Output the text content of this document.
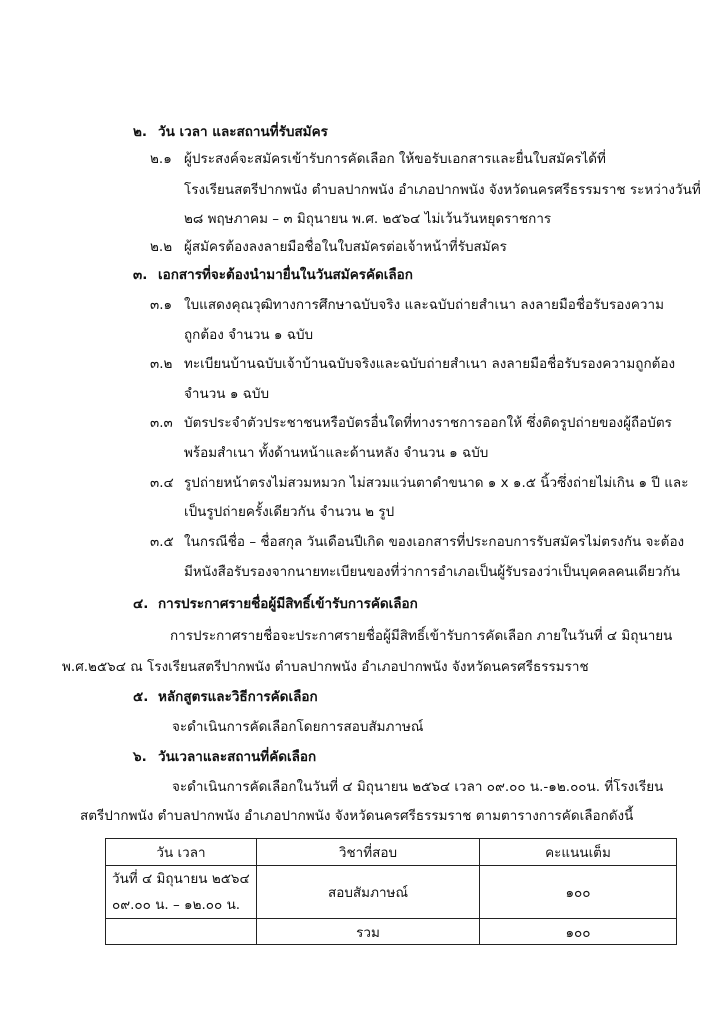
๒. วัน เวลา และสถานที่รับสมัคร
๒.๑ ผู้ประสงค์จะสมัครเข้ารับการคัดเลือก ให้ขอรับเอกสารและยื่นใบสมัครได้ที่
โรงเรียนสตรีปากพนัง ตำบลปากพนัง อำเภอปากพนัง จังหวัดนครศรีธรรมราช ระหว่างวันที่
๒๘ พฤษภาคม – ๓ มิถุนายน พ.ศ. ๒๕๖๔ ไม่เว้นวันหยุดราชการ
๒.๒ ผู้สมัครต้องลงลายมือชื่อในใบสมัครต่อเจ้าหน้าที่รับสมัคร
๓. เอกสารที่จะต้องนำมายื่นในวันสมัครคัดเลือก
๓.๑ ใบแสดงคุณวุฒิทางการศึกษาฉบับจริง และฉบับถ่ายสำเนา ลงลายมือชื่อรับรองความ
ถูกต้อง จำนวน ๑ ฉบับ
๓.๒ ทะเบียนบ้านฉบับเจ้าบ้านฉบับจริงและฉบับถ่ายสำเนา ลงลายมือชื่อรับรองความถูกต้อง
จำนวน ๑ ฉบับ
๓.๓ บัตรประจำตัวประชาชนหรือบัตรอื่นใดที่ทางราชการออกให้ ซึ่งติดรูปถ่ายของผู้ถือบัตร
พร้อมสำเนา ทั้งด้านหน้าและด้านหลัง จำนวน ๑ ฉบับ
๓.๔ รูปถ่ายหน้าตรงไม่สวมหมวก ไม่สวมแว่นตาดำขนาด ๑ x ๑.๕ นิ้วซึ่งถ่ายไม่เกิน ๑ ปี และ
เป็นรูปถ่ายครั้งเดียวกัน จำนวน ๒ รูป
๓.๕ ในกรณีชื่อ – ชื่อสกุล วันเดือนปีเกิด ของเอกสารที่ประกอบการรับสมัครไม่ตรงกัน จะต้อง
มีหนังสือรับรองจากนายทะเบียนของที่ว่าการอำเภอเป็นผู้รับรองว่าเป็นบุคคลคนเดียวกัน
๔. การประกาศรายชื่อผู้มีสิทธิ์เข้ารับการคัดเลือก
การประกาศรายชื่อจะประกาศรายชื่อผู้มีสิทธิ์เข้ารับการคัดเลือก ภายในวันที่ ๔ มิถุนายน
พ.ศ.๒๕๖๔ ณ โรงเรียนสตรีปากพนัง ตำบลปากพนัง อำเภอปากพนัง จังหวัดนครศรีธรรมราช
๕. หลักสูตรและวิธีการคัดเลือก
จะดำเนินการคัดเลือกโดยการสอบสัมภาษณ์
๖. วันเวลาและสถานที่คัดเลือก
จะดำเนินการคัดเลือกในวันที่ ๔ มิถุนายน ๒๕๖๔ เวลา ๐๙.๐๐ น.-๑๒.๐๐น. ที่โรงเรียน
สตรีปากพนัง ตำบลปากพนัง อำเภอปากพนัง จังหวัดนครศรีธรรมราช ตามตารางการคัดเลือกดังนี้
วัน เวลา	วิชาที่สอบ	คะแนนเต็ม

วันที่ ๔ มิถุนายน ๒๕๖๔
๐๙.๐๐ น. – ๑๒.๐๐ น.	สอบสัมภาษณ์	๑๐๐
	รวม	๑๐๐
